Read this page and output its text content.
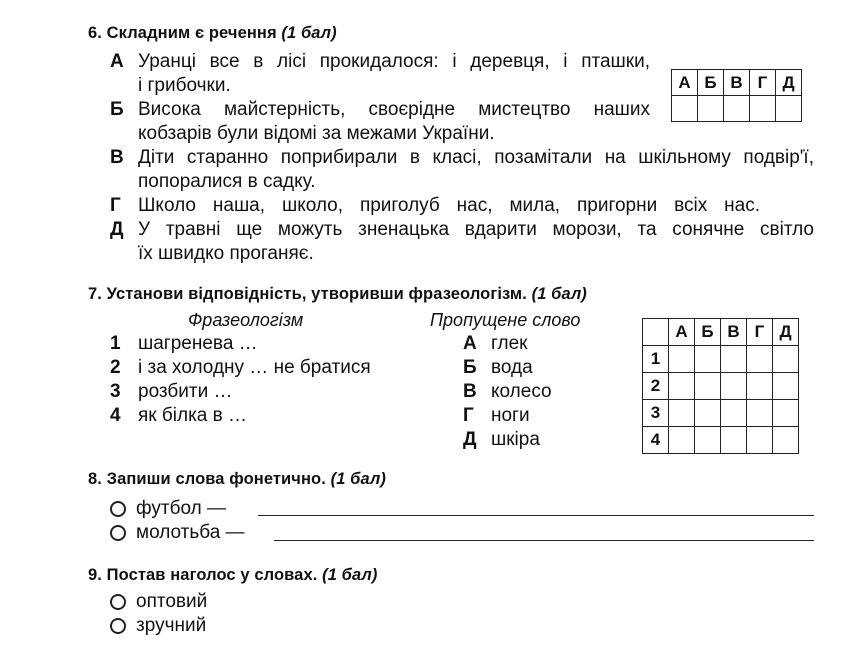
6. Складним є речення (1 бал)
А Уранці все в лісі прокидалося: і деревця, і пташки,
і грибочки.
Б Висока майстерність, своєрідне мистецтво наших
кобзарів були відомі за межами України.
В Діти старанно поприбирали в класі, позамітали на шкільному подвір'ї,
попоралися в садку.
Г Школо наша, школо, приголуб нас, мила, пригорни всіх нас.
Д У травні ще можуть зненацька вдарити морози, та сонячне світло
їх швидко проганяє.
А	Б	В	Г	Д

7. Установи відповідність, утворивши фразеологізм. (1 бал)
Фразеологізм	Пропущене слово
1 шагренева …
2 і за холодну … не братися
3 розбити …
4 як білка в …
А глек
Б вода
В колесо
Г ноги
Д шкіра
	А	Б	В	Г	Д
1					
2					
3					
4					
8. Запиши слова фонетично. (1 бал)
футбол —
молотьба —
9. Постав наголос у словах. (1 бал)
оптовий
зручний
